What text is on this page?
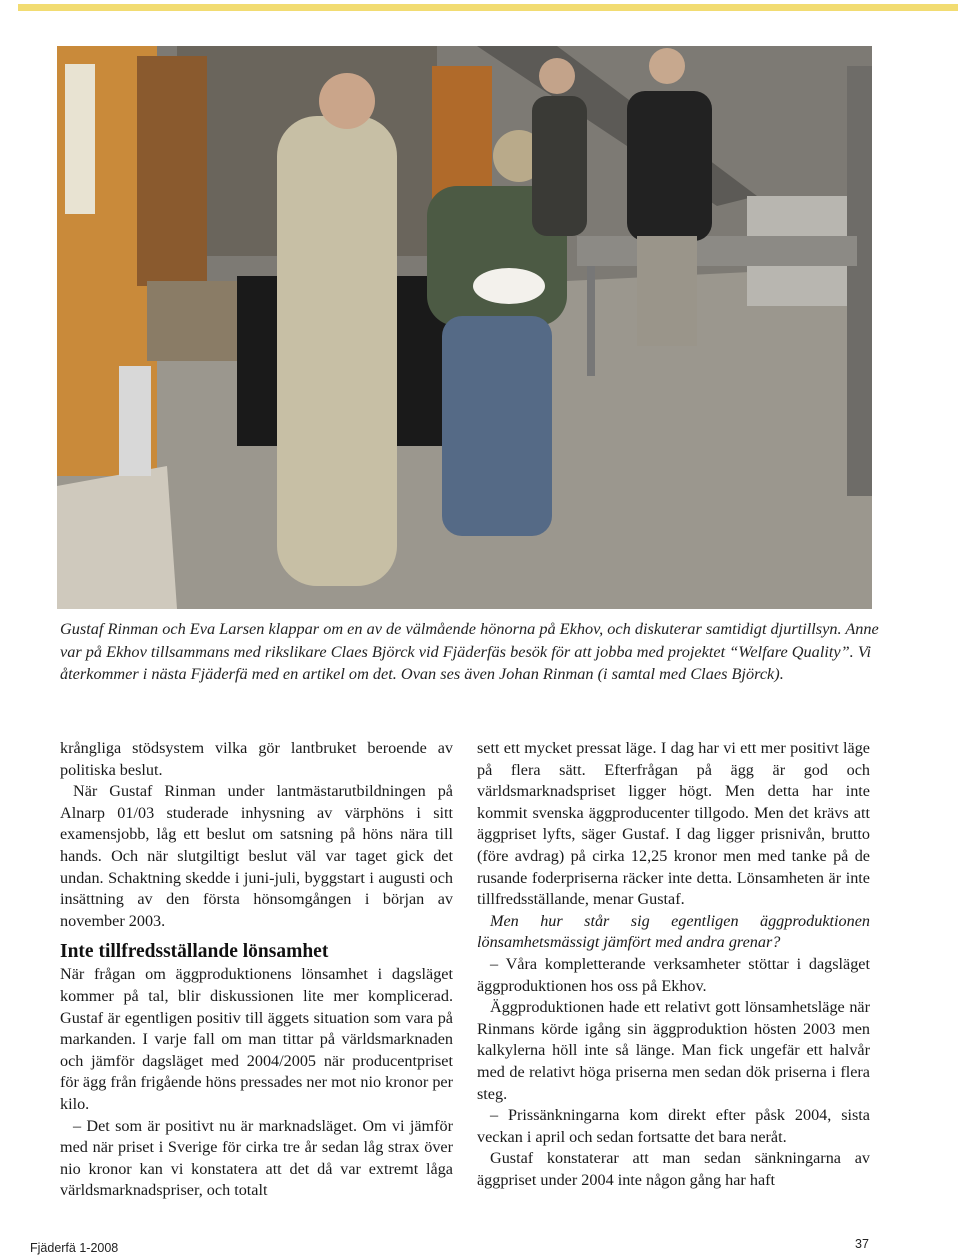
Gustaf Rinman och Eva Larsen klappar om en av de välmående hönorna på Ekhov, och diskuterar samtidigt djurtillsyn. Anne var på Ekhov tillsammans med rikslikare Claes Björck vid Fjäderfäs besök för att jobba med projektet “Welfare Quality”. Vi återkommer i nästa Fjäderfä med en artikel om det. Ovan ses även Johan Rinman (i samtal med Claes Björck).

krångliga stödsystem vilka gör lantbruket beroende av politiska beslut.

När Gustaf Rinman under lantmästarutbildningen på Alnarp 01/03 studerade inhysning av värphöns i sitt examensjobb, låg ett beslut om satsning på höns nära till hands. Och när slutgiltigt beslut väl var taget gick det undan. Schaktning skedde i juni-juli, byggstart i augusti och insättning av den första hönsomgången i början av november 2003.

Inte tillfredsställande lönsamhet

När frågan om äggproduktionens lönsamhet i dagsläget kommer på tal, blir diskussionen lite mer komplicerad. Gustaf är egentligen positiv till äggets situation som vara på markanden. I varje fall om man tittar på världsmarknaden och jämför dagsläget med 2004/2005 när producentpriset för ägg från frigående höns pressades ner mot nio kronor per kilo.

– Det som är positivt nu är marknadsläget. Om vi jämför med när priset i Sverige för cirka tre år sedan låg strax över nio kronor kan vi konstatera att det då var extremt låga världsmarknadspriser, och totalt

sett ett mycket pressat läge. I dag har vi ett mer positivt läge på flera sätt. Efterfrågan på ägg är god och världsmarknadspriset ligger högt. Men detta har inte kommit svenska äggproducenter tillgodo. Men det krävs att äggpriset lyfts, säger Gustaf. I dag ligger prisnivån, brutto (före avdrag) på cirka 12,25 kronor men med tanke på de rusande foderpriserna räcker inte detta. Lönsamheten är inte tillfredsställande, menar Gustaf.

Men hur står sig egentligen äggproduktionen lönsamhetsmässigt jämfört med andra grenar?

– Våra kompletterande verksamheter stöttar i dagsläget äggproduktionen hos oss på Ekhov.

Äggproduktionen hade ett relativt gott lönsamhetsläge när Rinmans körde igång sin äggproduktion hösten 2003 men kalkylerna höll inte så länge. Man fick ungefär ett halvår med de relativt höga priserna men sedan dök priserna i flera steg.

– Prissänkningarna kom direkt efter påsk 2004, sista veckan i april och sedan fortsatte det bara neråt.

Gustaf konstaterar att man sedan sänkningarna av äggpriset under 2004 inte någon gång har haft

Fjäderfä 1-2008	37
